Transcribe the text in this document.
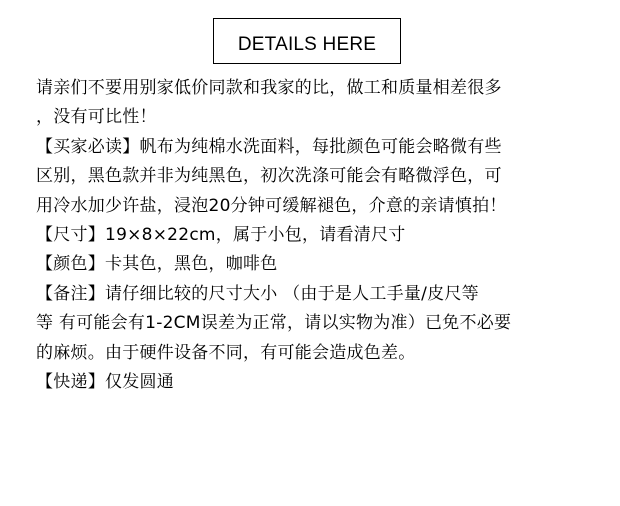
DETAILS HERE
请亲们不要用别家低价同款和我家的比，做工和质量相差很多
，没有可比性！
【买家必读】帆布为纯棉水洗面料，每批颜色可能会略微有些
区别，黑色款并非为纯黑色，初次洗涤可能会有略微浮色，可
用冷水加少许盐，浸泡20分钟可缓解褪色，介意的亲请慎拍！
【尺寸】19×8×22cm，属于小包，请看清尺寸
【颜色】卡其色，黑色，咖啡色
【备注】请仔细比较的尺寸大小 （由于是人工手量/皮尺等
等 有可能会有1-2CM误差为正常，请以实物为准）已免不必要
的麻烦。由于硬件设备不同，有可能会造成色差。
【快递】仅发圆通
